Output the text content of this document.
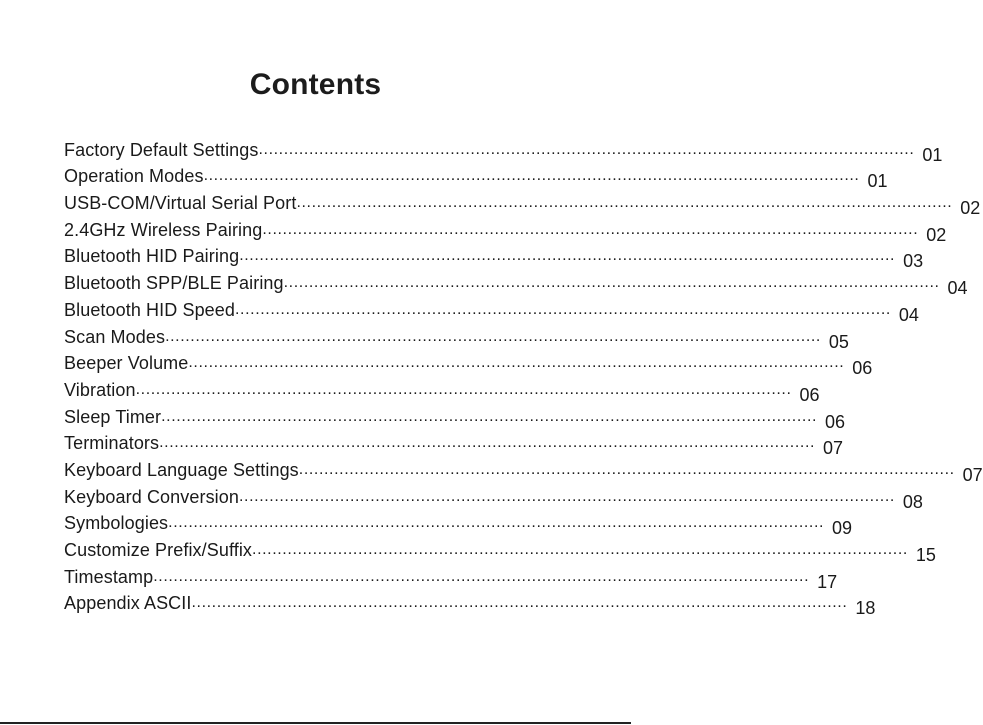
Contents
Factory Default Settings .................................................................................................................................. 01
Operation Modes .................................................................................................................................. 01
USB-COM/Virtual Serial Port .................................................................................................................................. 02
2.4GHz Wireless Pairing .................................................................................................................................. 02
Bluetooth HID Pairing .................................................................................................................................. 03
Bluetooth SPP/BLE Pairing .................................................................................................................................. 04
Bluetooth HID Speed .................................................................................................................................. 04
Scan Modes .................................................................................................................................. 05
Beeper Volume .................................................................................................................................. 06
Vibration .................................................................................................................................. 06
Sleep Timer .................................................................................................................................. 06
Terminators .................................................................................................................................. 07
Keyboard Language Settings .................................................................................................................................. 07
Keyboard Conversion .................................................................................................................................. 08
Symbologies .................................................................................................................................. 09
Customize Prefix/Suffix .................................................................................................................................. 15
Timestamp .................................................................................................................................. 17
Appendix ASCII .................................................................................................................................. 18
